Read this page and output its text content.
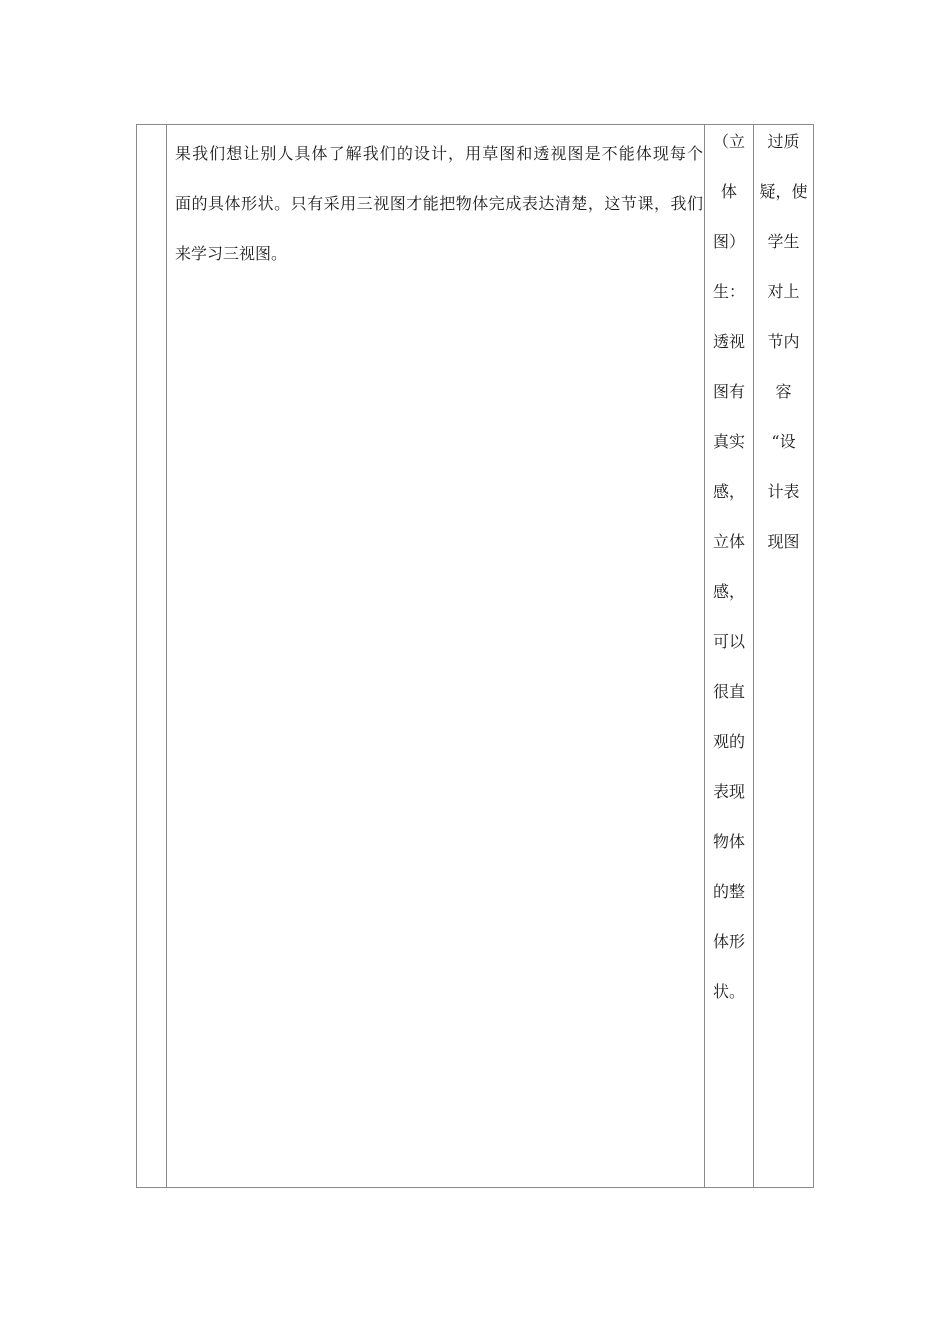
果我们想让别人具体了解我们的设计，用草图和透视图是不能体现每个
面的具体形状。只有采用三视图才能把物体完成表达清楚，这节课，我们
来学习三视图。

（立
体
图）
生：
透视
图有
真实
感，
立体
感，
可以
很直
观的
表现
物体
的整
体形
状。
过质
疑，使
学生
对上
节内
容
“设
计表
现图
